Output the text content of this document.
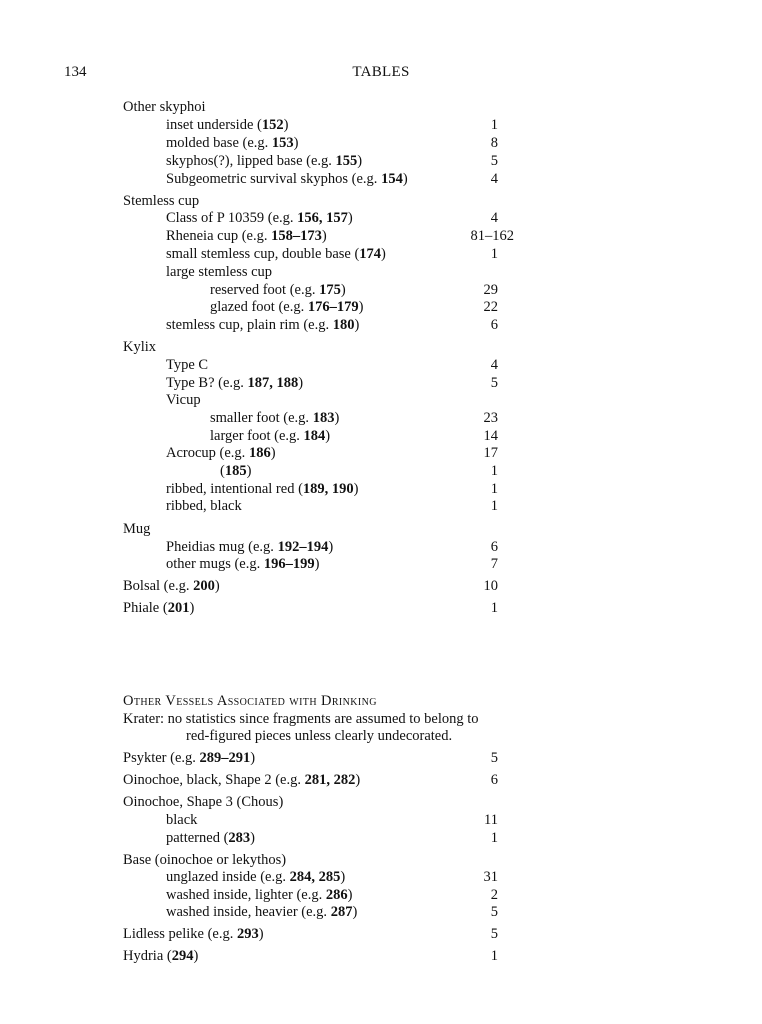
134	TABLES
Other skyphoi
inset underside (152)	1
molded base (e.g. 153)	8
skyphos(?), lipped base (e.g. 155)	5
Subgeometric survival skyphos (e.g. 154)	4
Stemless cup
Class of P 10359 (e.g. 156, 157)	4
Rheneia cup (e.g. 158–173)	81–162
small stemless cup, double base (174)	1
large stemless cup
reserved foot (e.g. 175)	29
glazed foot (e.g. 176–179)	22
stemless cup, plain rim (e.g. 180)	6
Kylix
Type C	4
Type B? (e.g. 187, 188)	5
Vicup
smaller foot (e.g. 183)	23
larger foot (e.g. 184)	14
Acrocup (e.g. 186)	17
(185)	1
ribbed, intentional red (189, 190)	1
ribbed, black	1
Mug
Pheidias mug (e.g. 192–194)	6
other mugs (e.g. 196–199)	7
Bolsal (e.g. 200)	10
Phiale (201)	1
Other Vessels Associated with Drinking
Krater: no statistics since fragments are assumed to belong to
red-figured pieces unless clearly undecorated.
Psykter (e.g. 289–291)	5
Oinochoe, black, Shape 2 (e.g. 281, 282)	6
Oinochoe, Shape 3 (Chous)
black	11
patterned (283)	1
Base (oinochoe or lekythos)
unglazed inside (e.g. 284, 285)	31
washed inside, lighter (e.g. 286)	2
washed inside, heavier (e.g. 287)	5
Lidless pelike (e.g. 293)	5
Hydria (294)	1
